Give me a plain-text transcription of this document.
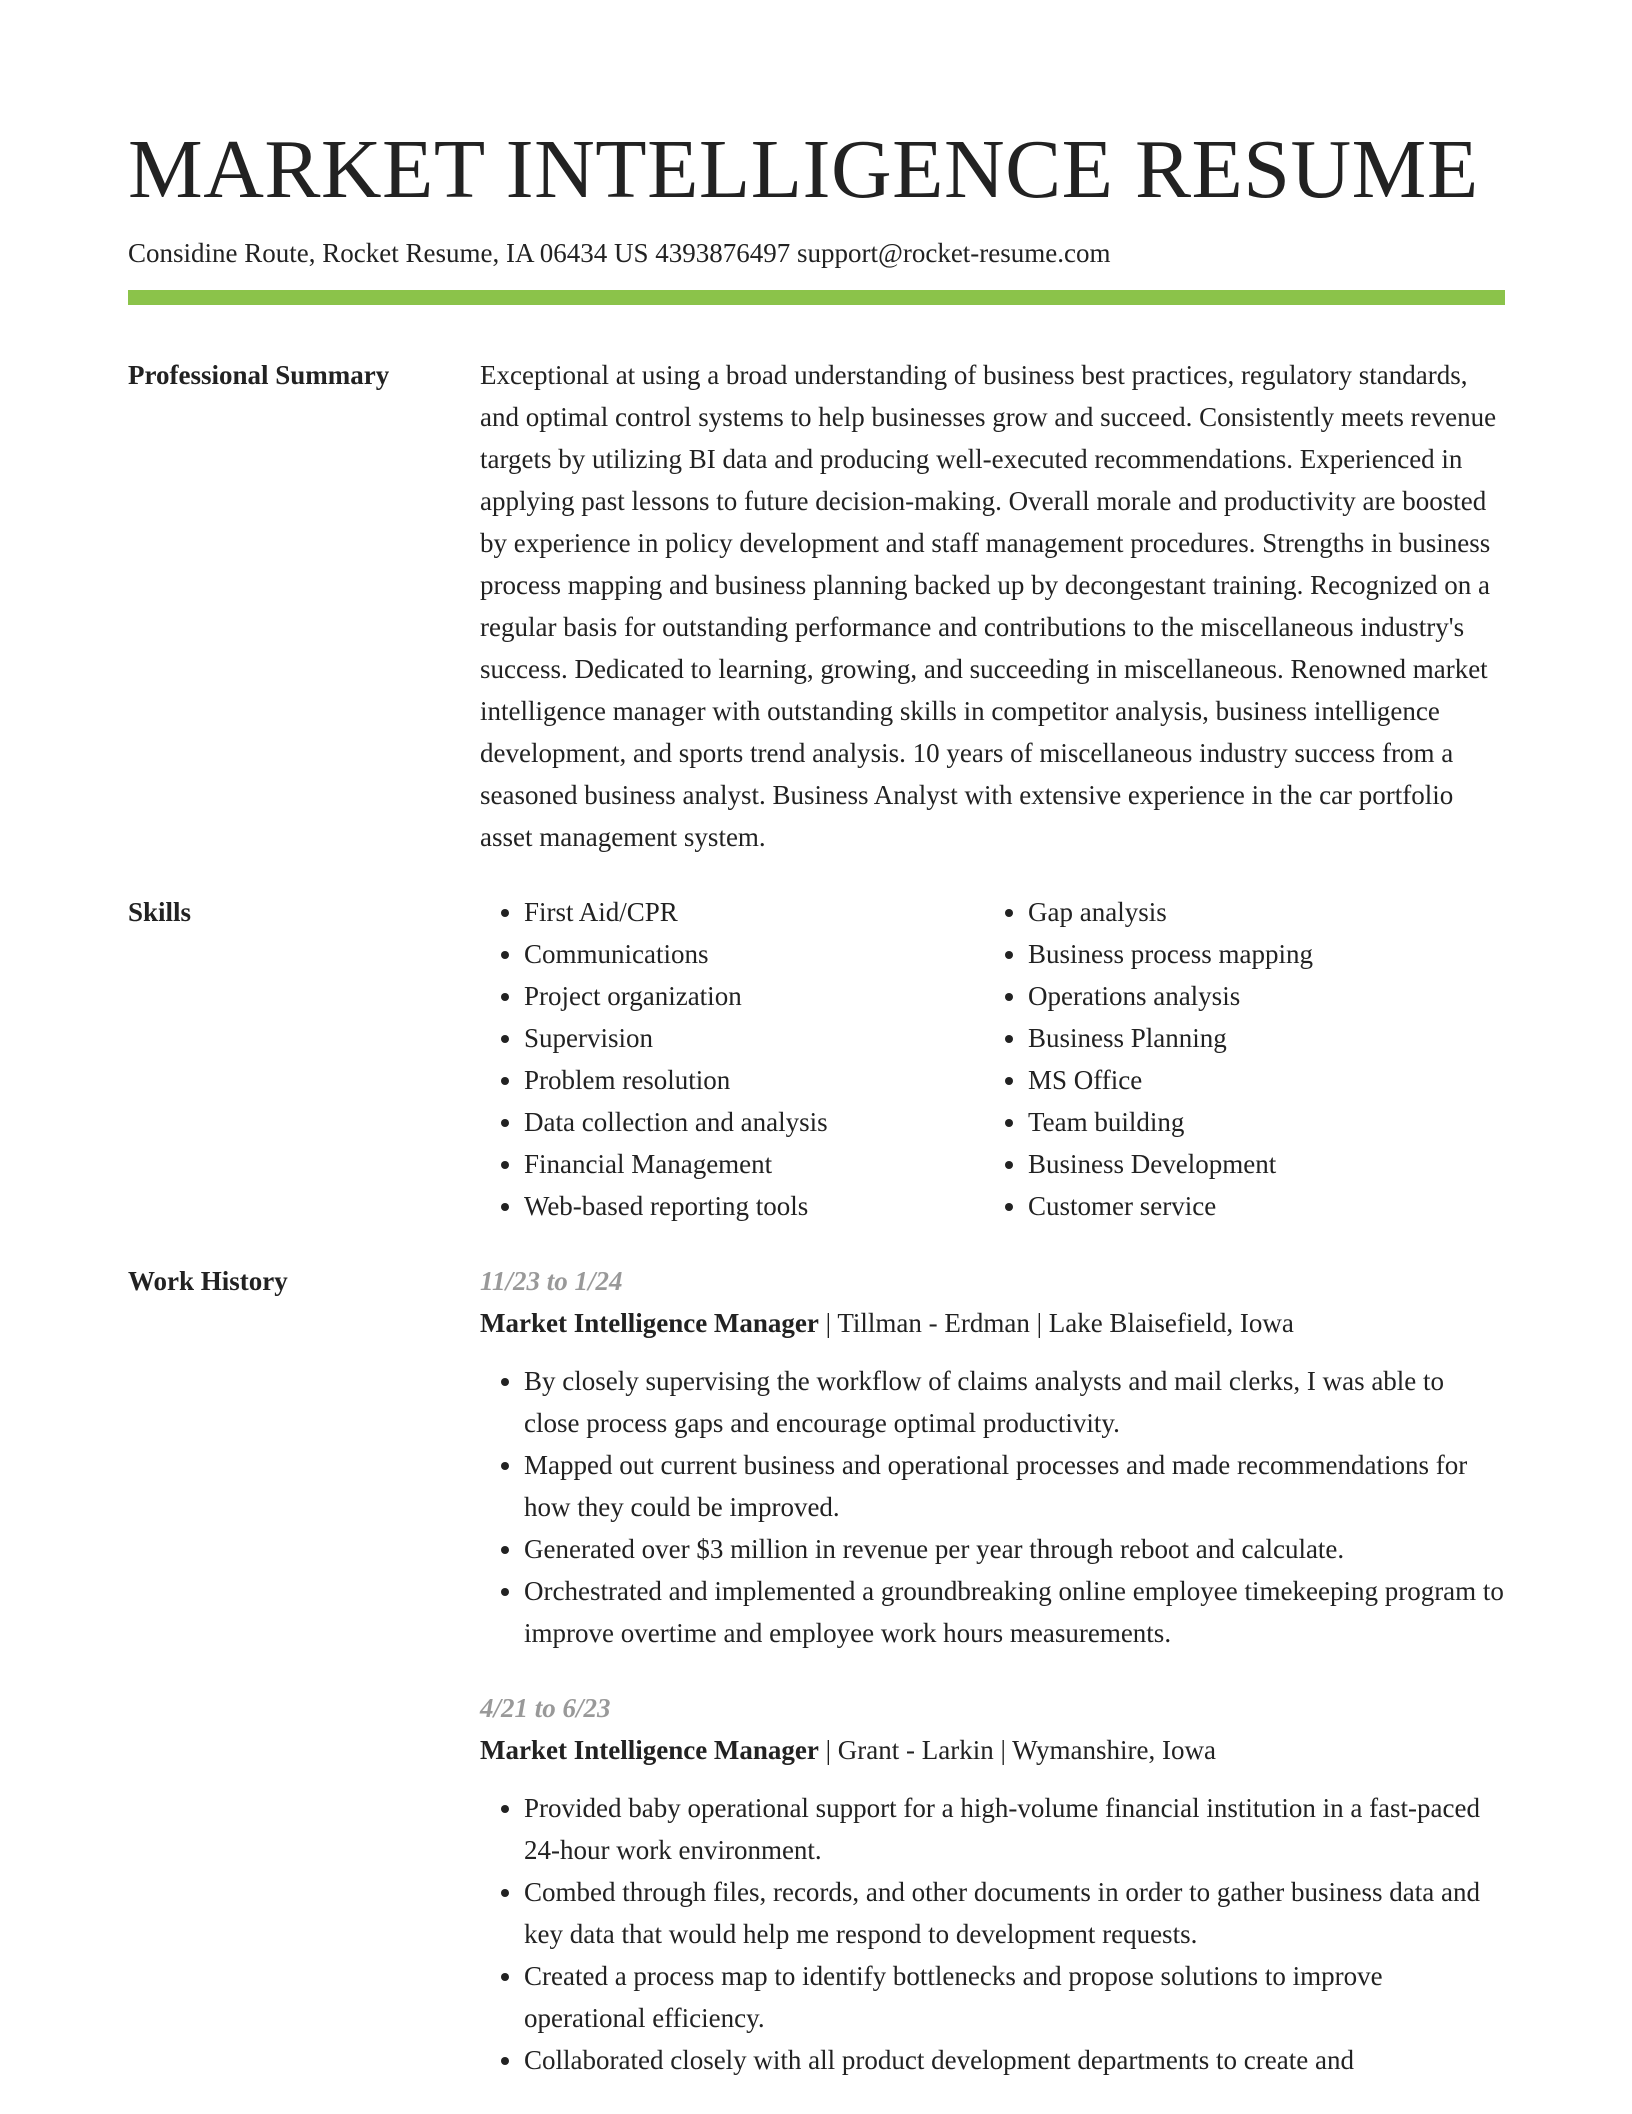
MARKET INTELLIGENCE RESUME
Considine Route, Rocket Resume, IA 06434 US 4393876497 support@rocket-resume.com
Professional Summary	Exceptional at using a broad understanding of business best practices, regulatory standards, and optimal control systems to help businesses grow and succeed. Consistently meets revenue targets by utilizing BI data and producing well-executed recommendations. Experienced in applying past lessons to future decision-making. Overall morale and productivity are boosted by experience in policy development and staff management procedures. Strengths in business process mapping and business planning backed up by decongestant training. Recognized on a regular basis for outstanding performance and contributions to the miscellaneous industry's success. Dedicated to learning, growing, and succeeding in miscellaneous. Renowned market intelligence manager with outstanding skills in competitor analysis, business intelligence development, and sports trend analysis. 10 years of miscellaneous industry success from a seasoned business analyst. Business Analyst with extensive experience in the car portfolio asset management system.

Skills
•	First Aid/CPR
• Communications
• Project organization
• Supervision
• Problem resolution
• Data collection and analysis
• Financial Management
• Web-based reporting tools
• Gap analysis
• Business process mapping
• Operations analysis
• Business Planning
• MS Office
• Team building
• Business Development
• Customer service
Work History	11/23 to 1/24
Market Intelligence Manager | Tillman - Erdman | Lake Blaisefield, Iowa
• By closely supervising the workflow of claims analysts and mail clerks, I was able to close process gaps and encourage optimal productivity.
• Mapped out current business and operational processes and made recommendations for how they could be improved.
• Generated over $3 million in revenue per year through reboot and calculate.
• Orchestrated and implemented a groundbreaking online employee timekeeping program to improve overtime and employee work hours measurements.
4/21 to 6/23
Market Intelligence Manager | Grant - Larkin | Wymanshire, Iowa
• Provided baby operational support for a high-volume financial institution in a fast-paced 24-hour work environment.
• Combed through files, records, and other documents in order to gather business data and key data that would help me respond to development requests.
• Created a process map to identify bottlenecks and propose solutions to improve operational efficiency.
• Collaborated closely with all product development departments to create and
